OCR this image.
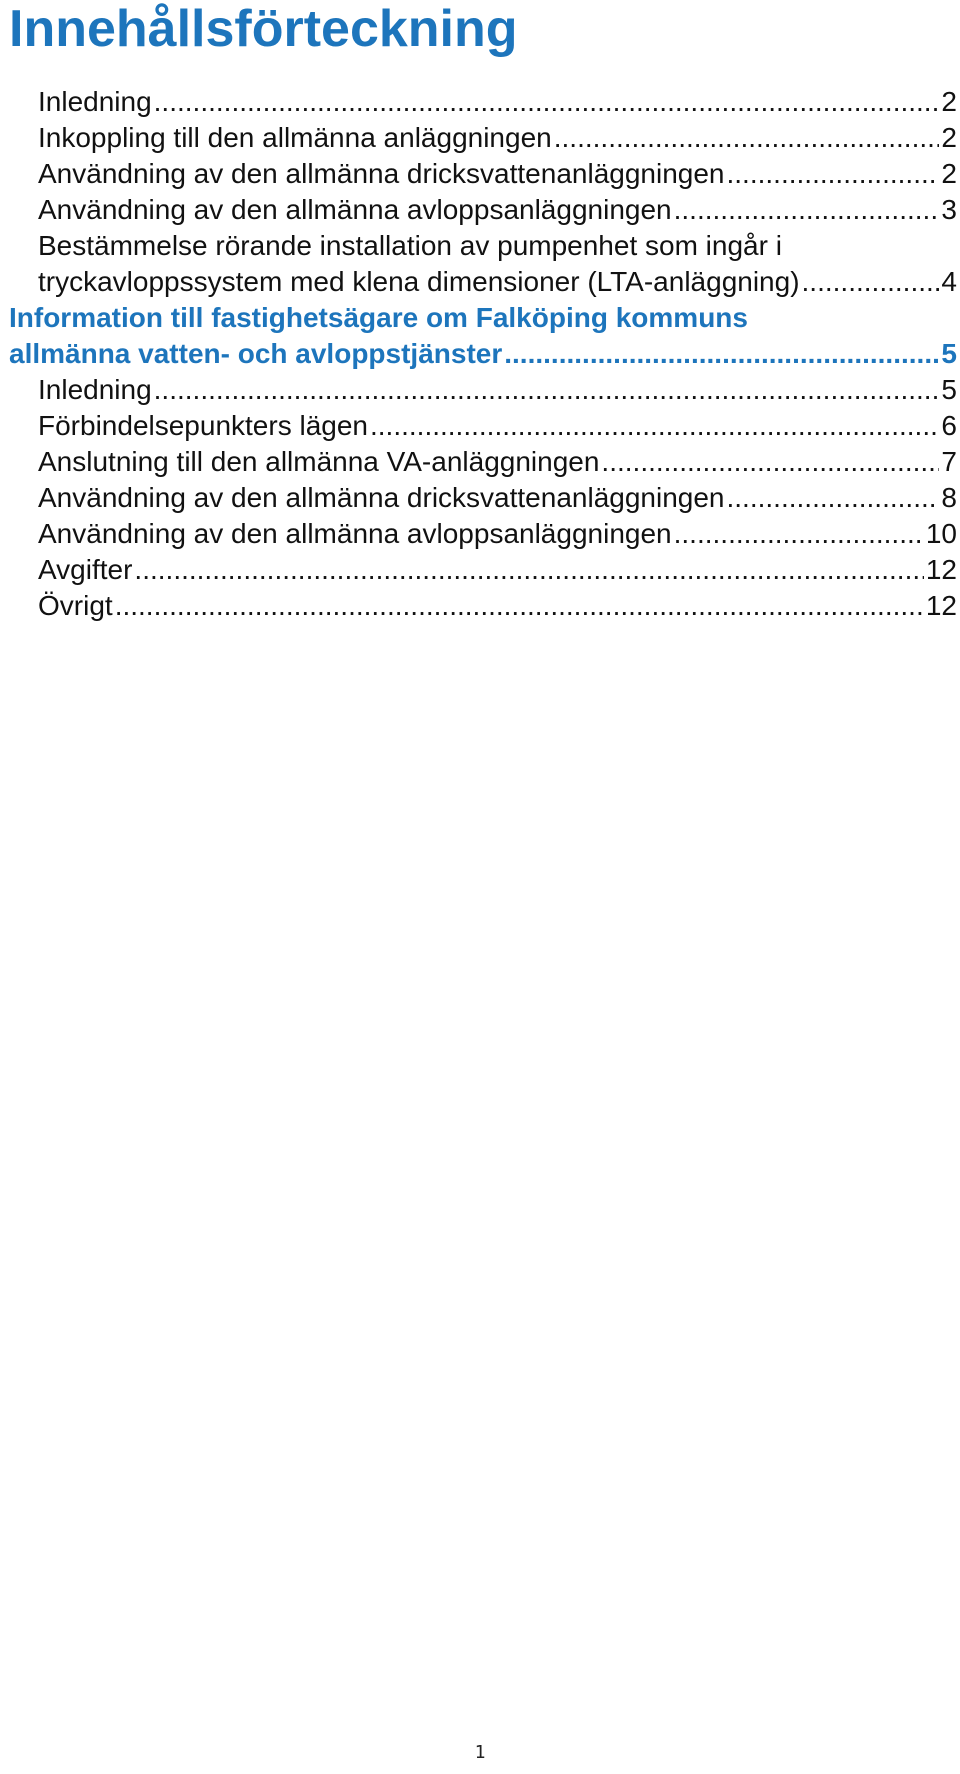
Innehållsförteckning
Inledning .....	2
Inkoppling till den allmänna anläggningen .....	2
Användning av den allmänna dricksvattenanläggningen .....	2
Användning av den allmänna avloppsanläggningen .....	3
Bestämmelse rörande installation av pumpenhet som ingår i
tryckavloppssystem med klena dimensioner (LTA-anläggning) .....	4
Information till fastighetsägare om Falköping kommuns
allmänna vatten- och avloppstjänster .....	5
Inledning .....	5
Förbindelsepunkters lägen .....	6
Anslutning till den allmänna VA-anläggningen .....	7
Användning av den allmänna dricksvattenanläggningen .....	8
Användning av den allmänna avloppsanläggningen .....	10
Avgifter .....	12
Övrigt .....	12
1
